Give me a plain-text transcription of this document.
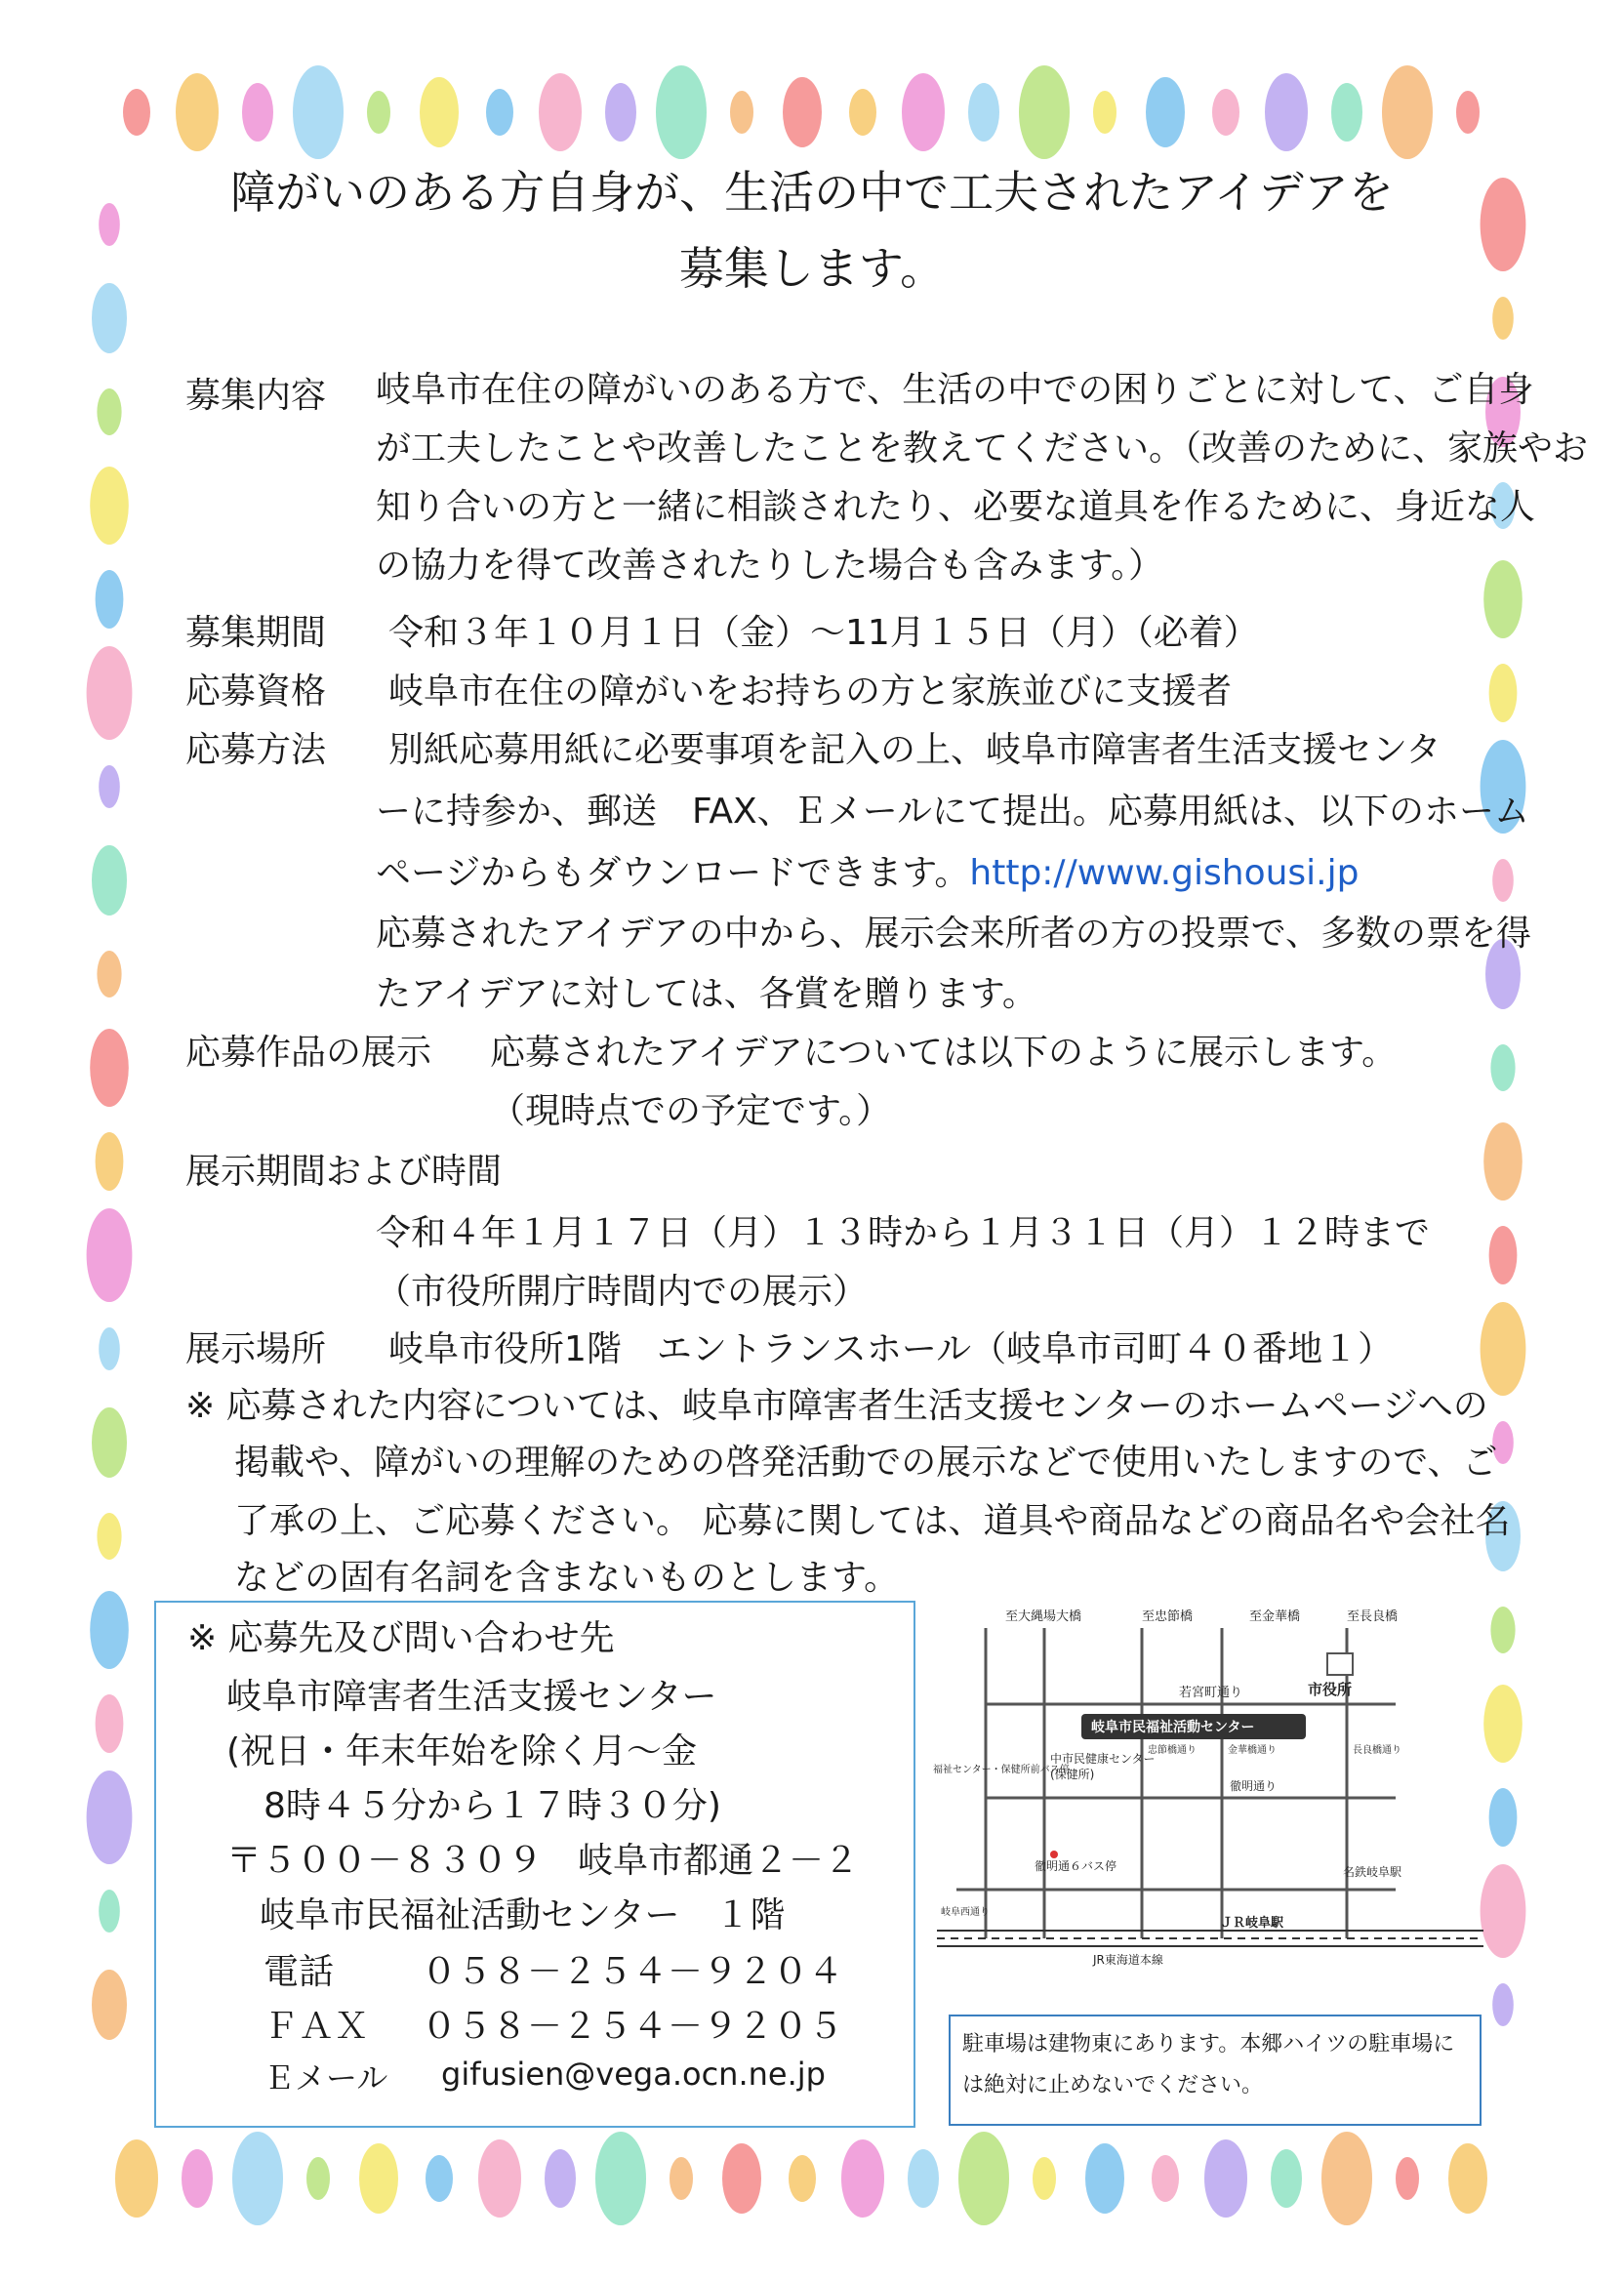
障がいのある方自身が、生活の中で工夫されたアイデアを
募集します。
募集内容 岐阜市在住の障がいのある方で、生活の中での困りごとに対して、ご自身
が工夫したことや改善したことを教えてください。（改善のために、家族やお
知り合いの方と一緒に相談されたり、必要な道具を作るために、身近な人
の協力を得て改善されたりした場合も含みます。）
募集期間 令和３年１０月１日（金）～11月１５日（月）（必着）
応募資格 岐阜市在住の障がいをお持ちの方と家族並びに支援者
応募方法 別紙応募用紙に必要事項を記入の上、岐阜市障害者生活支援センタ
ーに持参か、郵送　FAX、Ｅメールにて提出。応募用紙は、以下のホーム
ページからもダウンロードできます。http://www.gishousi.jp
応募されたアイデアの中から、展示会来所者の方の投票で、多数の票を得
たアイデアに対しては、各賞を贈ります。
応募作品の展示 応募されたアイデアについては以下のように展示します。
（現時点での予定です。）
展示期間および時間
令和４年１月１７日（月）１３時から１月３１日（月）１２時まで
（市役所開庁時間内での展示）
展示場所 岐阜市役所1階　エントランスホール（岐阜市司町４０番地１）
※ 応募された内容については、岐阜市障害者生活支援センターのホームページへの
掲載や、障がいの理解のための啓発活動での展示などで使用いたしますので、ご
了承の上、ご応募ください。 応募に関しては、道具や商品などの商品名や会社名
などの固有名詞を含まないものとします。
※ 応募先及び問い合わせ先
岐阜市障害者生活支援センター
(祝日・年末年始を除く月～金
8時４５分から１７時３０分)
〒５００－８３０９　岐阜市都通２－２
岐阜市民福祉活動センター　１階
電話 ０５８－２５４－９２０４
ＦＡＸ ０５８－２５４－９２０５
Ｅメール gifusien@vega.ocn.ne.jp
至大縄場大橋	至忠節橋	至金華橋	至長良橋
市役所
若宮町通り
岐阜市民福祉活動センター
中市民健康センター
(保健所)
徹明通り
徹明通６バス停	名鉄岐阜駅
ＪＲ岐阜駅
JR東海道本線
福祉センター・保健所前バス停
忠節橋通り	金華橋通り	長良橋通り
岐阜西通り
駐車場は建物東にあります。本郷ハイツの駐車場に
は絶対に止めないでください。
